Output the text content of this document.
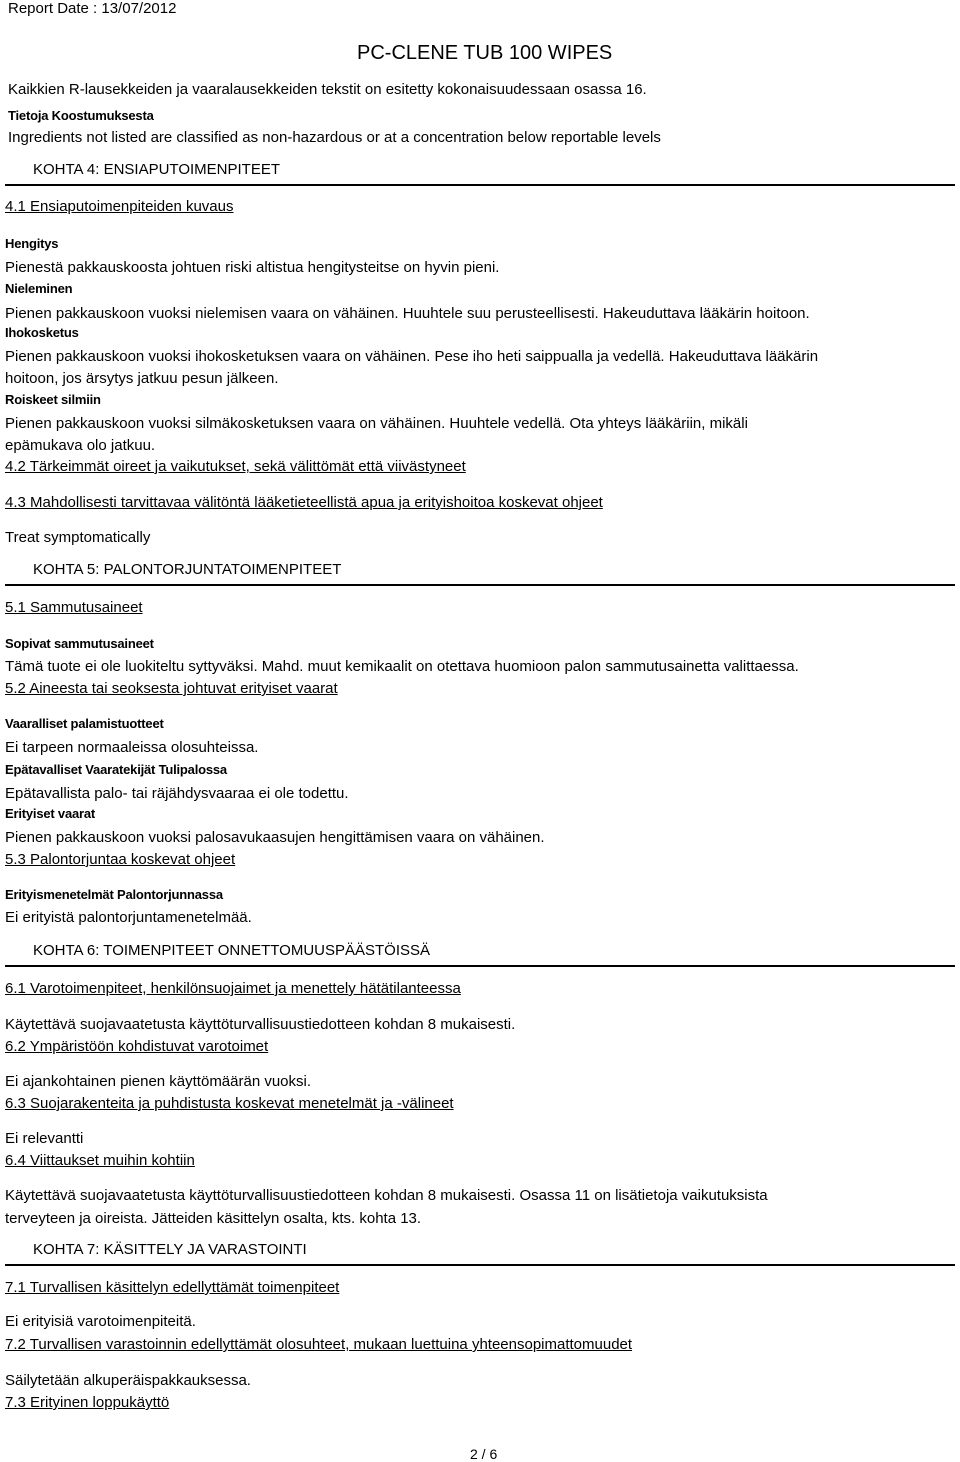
Report Date : 13/07/2012
PC-CLENE TUB 100 WIPES
Kaikkien R-lausekkeiden ja vaaralausekkeiden tekstit on esitetty kokonaisuudessaan osassa 16.
Tietoja Koostumuksesta
Ingredients not listed are classified as non-hazardous or at a concentration below reportable levels
KOHTA 4: ENSIAPUTOIMENPITEET
4.1 Ensiaputoimenpiteiden kuvaus
Hengitys
Pienestä pakkauskoosta johtuen riski altistua hengitysteitse on hyvin pieni.
Nieleminen
Pienen pakkauskoon vuoksi nielemisen vaara on vähäinen. Huuhtele suu perusteellisesti. Hakeuduttava lääkärin hoitoon.
Ihokosketus
Pienen pakkauskoon vuoksi ihokosketuksen vaara on vähäinen. Pese iho heti saippualla ja vedellä. Hakeuduttava lääkärin
hoitoon, jos ärsytys jatkuu pesun jälkeen.
Roiskeet silmiin
Pienen pakkauskoon vuoksi silmäkosketuksen vaara on vähäinen. Huuhtele vedellä. Ota yhteys lääkäriin, mikäli
epämukava olo jatkuu.
4.2 Tärkeimmät oireet ja vaikutukset, sekä välittömät että viivästyneet
4.3 Mahdollisesti tarvittavaa välitöntä lääketieteellistä apua ja erityishoitoa koskevat ohjeet
Treat symptomatically
KOHTA 5: PALONTORJUNTATOIMENPITEET
5.1 Sammutusaineet
Sopivat sammutusaineet
Tämä tuote ei ole luokiteltu syttyväksi. Mahd. muut kemikaalit on otettava huomioon palon sammutusainetta valittaessa.
5.2 Aineesta tai seoksesta johtuvat erityiset vaarat
Vaaralliset palamistuotteet
Ei tarpeen normaaleissa olosuhteissa.
Epätavalliset Vaaratekijät Tulipalossa
Epätavallista palo- tai räjähdysvaaraa ei ole todettu.
Erityiset vaarat
Pienen pakkauskoon vuoksi palosavukaasujen hengittämisen vaara on vähäinen.
5.3 Palontorjuntaa koskevat ohjeet
Erityismenetelmät Palontorjunnassa
Ei erityistä palontorjuntamenetelmää.
KOHTA 6: TOIMENPITEET ONNETTOMUUSPÄÄSTÖISSÄ
6.1 Varotoimenpiteet, henkilönsuojaimet ja menettely hätätilanteessa
Käytettävä suojavaatetusta käyttöturvallisuustiedotteen kohdan 8 mukaisesti.
6.2 Ympäristöön kohdistuvat varotoimet
Ei ajankohtainen pienen käyttömäärän vuoksi.
6.3 Suojarakenteita ja puhdistusta koskevat menetelmät ja -välineet
Ei relevantti
6.4 Viittaukset muihin kohtiin
Käytettävä suojavaatetusta käyttöturvallisuustiedotteen kohdan 8 mukaisesti. Osassa 11 on lisätietoja vaikutuksista
terveyteen ja oireista. Jätteiden käsittelyn osalta, kts. kohta 13.
KOHTA 7: KÄSITTELY JA VARASTOINTI
7.1 Turvallisen käsittelyn edellyttämät toimenpiteet
Ei erityisiä varotoimenpiteitä.
7.2 Turvallisen varastoinnin edellyttämät olosuhteet, mukaan luettuina yhteensopimattomuudet
Säilytetään alkuperäispakkauksessa.
7.3 Erityinen loppukäyttö
2 / 6
